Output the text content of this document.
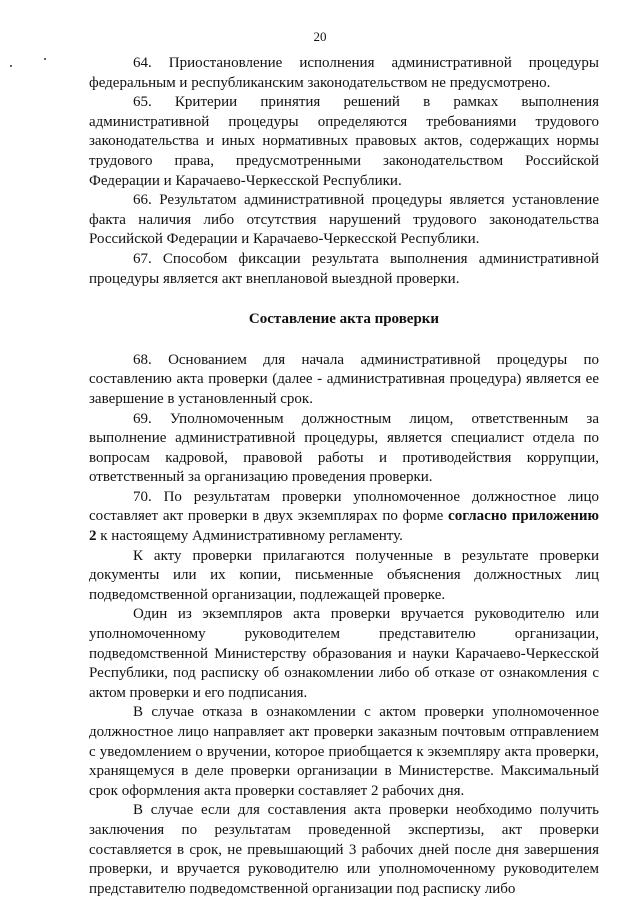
20

64. Приостановление исполнения административной процедуры федеральным и республиканским законодательством не предусмотрено.

65. Критерии принятия решений в рамках выполнения административной процедуры определяются требованиями трудового законодательства и иных нормативных правовых актов, содержащих нормы трудового права, предусмотренными законодательством Российской Федерации и Карачаево-Черкесской Республики.

66. Результатом административной процедуры является установление факта наличия либо отсутствия нарушений трудового законодательства Российской Федерации и Карачаево-Черкесской Республики.

67. Способом фиксации результата выполнения административной процедуры является акт внеплановой выездной проверки.

Составление акта проверки

68. Основанием для начала административной процедуры по составлению акта проверки (далее - административная процедура) является ее завершение в установленный срок.

69. Уполномоченным должностным лицом, ответственным за выполнение административной процедуры, является специалист отдела по вопросам кадровой, правовой работы и противодействия коррупции, ответственный за организацию проведения проверки.

70. По результатам проверки уполномоченное должностное лицо составляет акт проверки в двух экземплярах по форме согласно приложению 2 к настоящему Административному регламенту.

К акту проверки прилагаются полученные в результате проверки документы или их копии, письменные объяснения должностных лиц подведомственной организации, подлежащей проверке.

Один из экземпляров акта проверки вручается руководителю или уполномоченному руководителем представителю организации, подведомственной Министерству образования и науки Карачаево-Черкесской Республики, под расписку об ознакомлении либо об отказе от ознакомления с актом проверки и его подписания.

В случае отказа в ознакомлении с актом проверки уполномоченное должностное лицо направляет акт проверки заказным почтовым отправлением с уведомлением о вручении, которое приобщается к экземпляру акта проверки, хранящемуся в деле проверки организации в Министерстве. Максимальный срок оформления акта проверки составляет 2 рабочих дня.

В случае если для составления акта проверки необходимо получить заключения по результатам проведенной экспертизы, акт проверки составляется в срок, не превышающий 3 рабочих дней после дня завершения проверки, и вручается руководителю или уполномоченному руководителем представителю подведомственной организации под расписку либо
